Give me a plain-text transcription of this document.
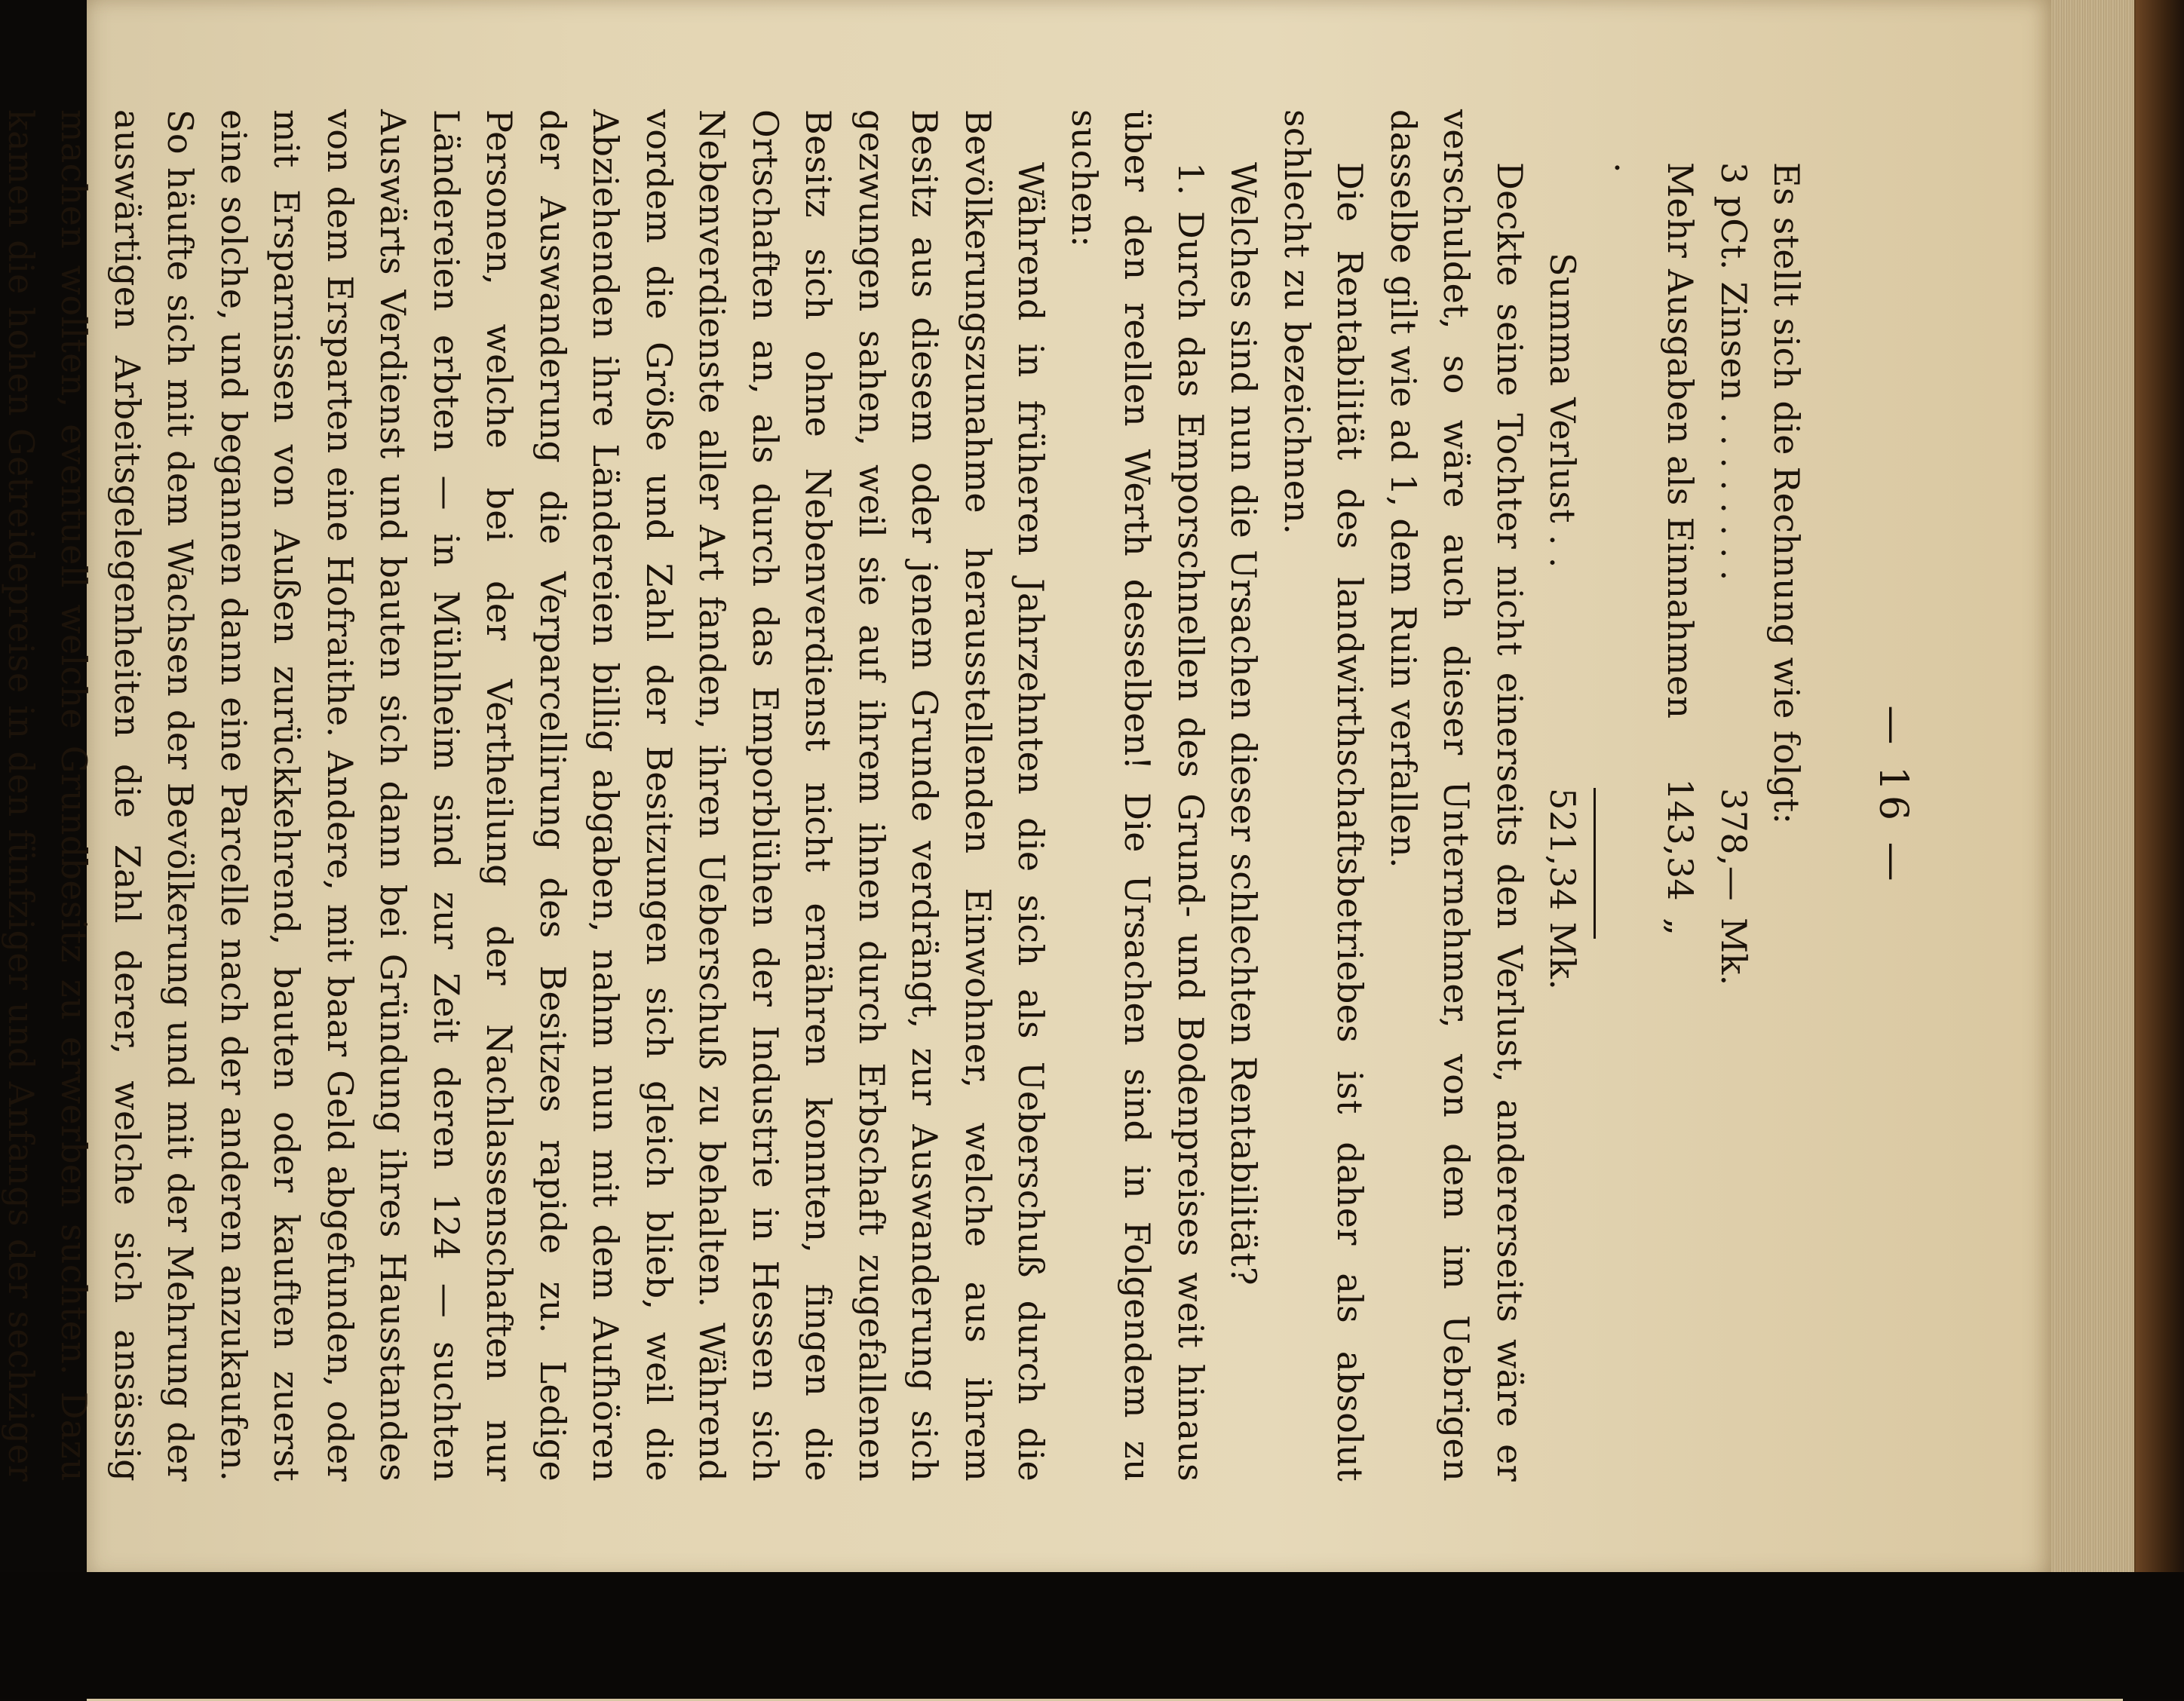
— 16 —

Es stellt sich die Rechnung wie folgt:

3 pCt. Zinsen . . . . . . . .
378,—
Mk.
Mehr Ausgaben als Einnahmen .
143,34
„
Summa Verlust . .
521,34 Mk.

Deckte seine Tochter nicht einerseits den Verlust, andererseits wäre er verschuldet, so wäre auch dieser Unternehmer, von dem im Uebrigen dasselbe gilt wie ad 1, dem Ruin verfallen.

Die Rentabilität des landwirthschaftsbetriebes ist daher als absolut schlecht zu bezeichnen.

Welches sind nun die Ursachen dieser schlechten Rentabilität?

1. Durch das Emporschnellen des Grund- und Bodenpreises weit hinaus über den reellen Werth desselben! Die Ursachen sind in Folgendem zu suchen:

Während in früheren Jahrzehnten die sich als Ueberschuß durch die Bevölkerungszunahme herausstellenden Einwohner, welche aus ihrem Besitz aus diesem oder jenem Grunde verdrängt, zur Auswanderung sich gezwungen sahen, weil sie auf ihrem ihnen durch Erbschaft zugefallenen Besitz sich ohne Nebenverdienst nicht ernähren konnten, fingen die Ortschaften an, als durch das Emporblühen der Industrie in Hessen sich Nebenverdienste aller Art fanden, ihren Ueberschuß zu behalten. Während vordem die Größe und Zahl der Besitzungen sich gleich blieb, weil die Abziehenden ihre Ländereien billig abgaben, nahm nun mit dem Aufhören der Auswanderung die Verparcellirung des Besitzes rapide zu. Ledige Personen, welche bei der Vertheilung der Nachlassenschaften nur Ländereien erbten — in Mühlheim sind zur Zeit deren 124 — suchten Auswärts Verdienst und bauten sich dann bei Gründung ihres Hausstandes von dem Ersparten eine Hofraithe. Andere, mit baar Geld abgefunden, oder mit Ersparnissen von Außen zurückkehrend, bauten oder kauften zuerst eine solche, und begannen dann eine Parcelle nach der anderen anzukaufen. So häufte sich mit dem Wachsen der Bevölkerung und mit der Mehrung der auswärtigen Arbeitsgelegenheiten die Zahl derer, welche sich ansässig machen wollten, eventuell welche Grundbesitz zu erwerben suchten. Dazu kamen die hohen Getreidepreise in den fünfziger und Anfangs der sechziger
